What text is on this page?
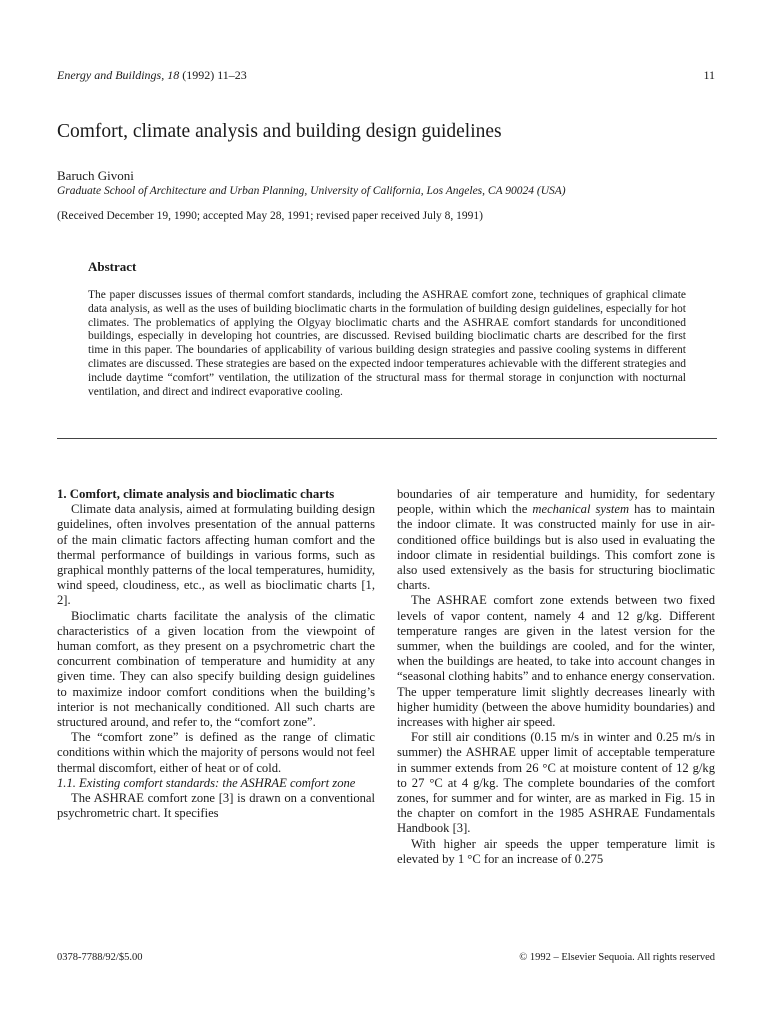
Energy and Buildings, 18 (1992) 11–23	11
Comfort, climate analysis and building design guidelines
Baruch Givoni
Graduate School of Architecture and Urban Planning, University of California, Los Angeles, CA 90024 (USA)
(Received December 19, 1990; accepted May 28, 1991; revised paper received July 8, 1991)
Abstract

The paper discusses issues of thermal comfort standards, including the ASHRAE comfort zone, techniques of graphical climate data analysis, as well as the uses of building bioclimatic charts in the formulation of building design guidelines, especially for hot climates. The problematics of applying the Olgyay bioclimatic charts and the ASHRAE comfort standards for unconditioned buildings, especially in developing hot countries, are discussed. Revised building bioclimatic charts are described for the first time in this paper. The boundaries of applicability of various building design strategies and passive cooling systems in different climates are discussed. These strategies are based on the expected indoor temperatures achievable with the different strategies and include daytime “comfort” ventilation, the utilization of the structural mass for thermal storage in conjunction with nocturnal ventilation, and direct and indirect evaporative cooling.

1. Comfort, climate analysis and bioclimatic charts

Climate data analysis, aimed at formulating building design guidelines, often involves presentation of the annual patterns of the main climatic factors affecting human comfort and the thermal performance of buildings in various forms, such as graphical monthly patterns of the local temperatures, humidity, wind speed, cloudiness, etc., as well as bioclimatic charts [1, 2].

Bioclimatic charts facilitate the analysis of the climatic characteristics of a given location from the viewpoint of human comfort, as they present on a psychrometric chart the concurrent combination of temperature and humidity at any given time. They can also specify building design guidelines to maximize indoor comfort conditions when the building’s interior is not mechanically conditioned. All such charts are structured around, and refer to, the “comfort zone”.

The “comfort zone” is defined as the range of climatic conditions within which the majority of persons would not feel thermal discomfort, either of heat or of cold.

1.1. Existing comfort standards: the ASHRAE comfort zone

The ASHRAE comfort zone [3] is drawn on a conventional psychrometric chart. It specifies

boundaries of air temperature and humidity, for sedentary people, within which the mechanical system has to maintain the indoor climate. It was constructed mainly for use in air-conditioned office buildings but is also used in evaluating the indoor climate in residential buildings. This comfort zone is also used extensively as the basis for structuring bioclimatic charts.

The ASHRAE comfort zone extends between two fixed levels of vapor content, namely 4 and 12 g/kg. Different temperature ranges are given in the latest version for the summer, when the buildings are cooled, and for the winter, when the buildings are heated, to take into account changes in “seasonal clothing habits” and to enhance energy conservation. The upper temperature limit slightly decreases linearly with higher humidity (between the above humidity boundaries) and increases with higher air speed.

For still air conditions (0.15 m/s in winter and 0.25 m/s in summer) the ASHRAE upper limit of acceptable temperature in summer extends from 26 °C at moisture content of 12 g/kg to 27 °C at 4 g/kg. The complete boundaries of the comfort zones, for summer and for winter, are as marked in Fig. 15 in the chapter on comfort in the 1985 ASHRAE Fundamentals Handbook [3].

With higher air speeds the upper temperature limit is elevated by 1 °C for an increase of 0.275

0378-7788/92/$5.00	© 1992 – Elsevier Sequoia. All rights reserved
